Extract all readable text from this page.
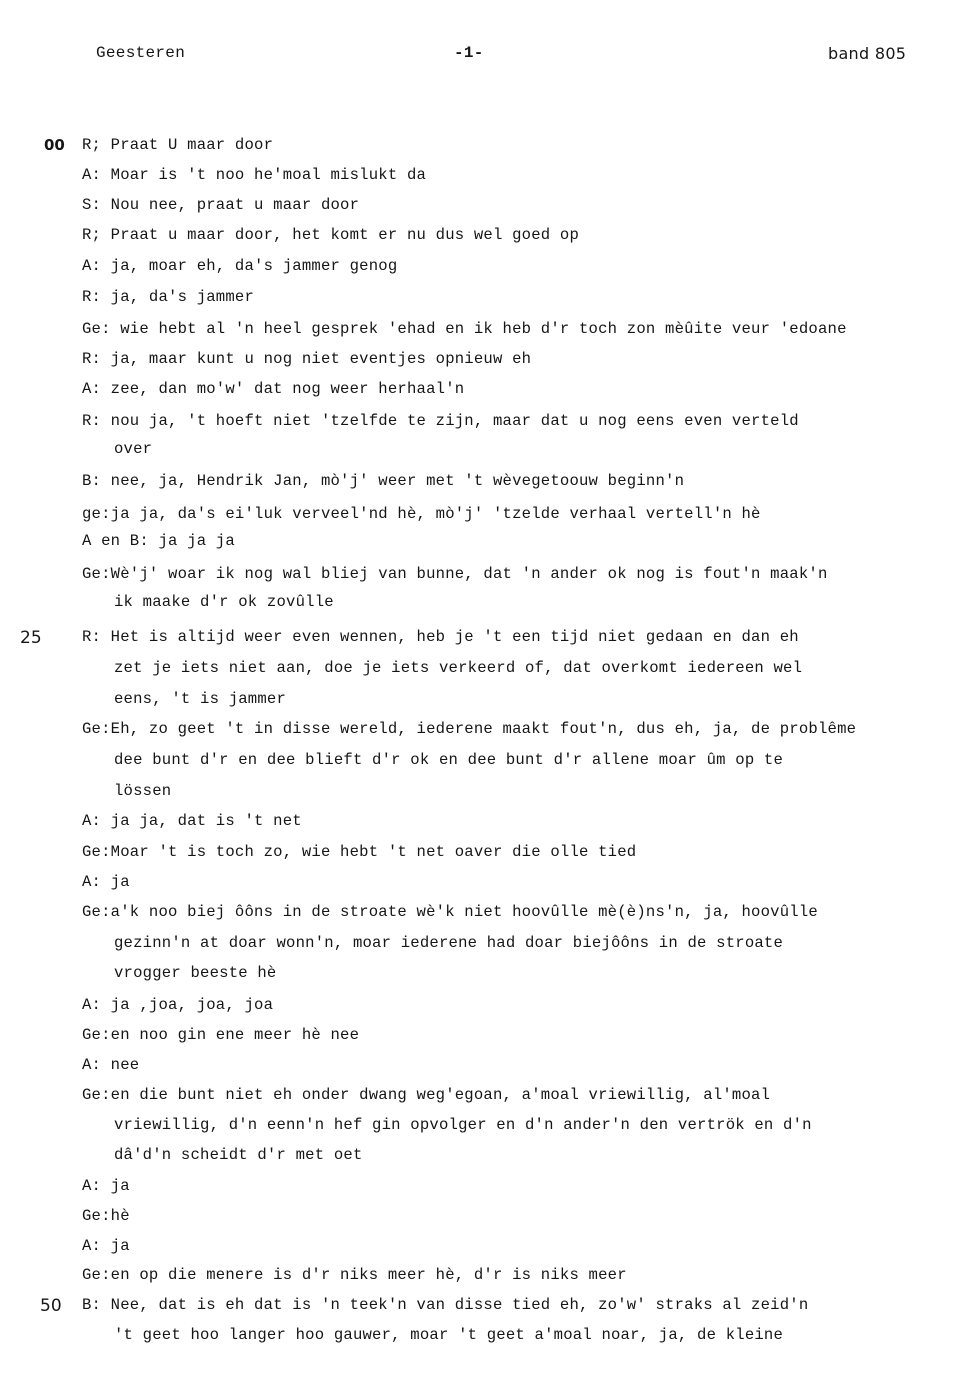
Geesteren	-1-	band 805
00
25
50
R; Praat U maar door
A: Moar is 't noo he'moal mislukt da
S: Nou nee, praat u maar door
R; Praat u maar door, het komt er nu dus wel goed op
A: ja, moar eh, da's jammer genog
R: ja, da's jammer
Ge: wie hebt al 'n heel gesprek 'ehad en ik heb d'r toch zon mèûite veur 'edoane
R: ja, maar kunt u nog niet eventjes opnieuw eh
A: zee, dan mo'w' dat nog weer herhaal'n
R: nou ja, 't hoeft niet 'tzelfde te zijn, maar dat u nog eens even verteld
over
B: nee, ja, Hendrik Jan, mò'j' weer met 't wèvegetoouw beginn'n
ge:ja ja, da's ei'luk verveel'nd hè, mò'j' 'tzelde verhaal vertell'n hè
A en B: ja ja ja
Ge:Wè'j' woar ik nog wal bliej van bunne, dat 'n ander ok nog is fout'n maak'n
ik maake d'r ok zovûlle
R: Het is altijd weer even wennen, heb je 't een tijd niet gedaan en dan eh
zet je iets niet aan, doe je iets verkeerd of, dat overkomt iedereen wel
eens, 't is jammer
Ge:Eh, zo geet 't in disse wereld, iederene maakt fout'n, dus eh, ja, de problême
dee bunt d'r en dee blieft d'r ok en dee bunt d'r allene moar ûm op te
lössen
A: ja ja, dat is 't net
Ge:Moar 't is toch zo, wie hebt 't net oaver die olle tied
A: ja
Ge:a'k noo biej ôôns in de stroate wè'k niet hoovûlle mè(è)ns'n, ja, hoovûlle
gezinn'n at doar wonn'n, moar iederene had doar biejôôns in de stroate
vrogger beeste hè
A: ja ,joa, joa, joa
Ge:en noo gin ene meer hè nee
A: nee
Ge:en die bunt niet eh onder dwang weg'egoan, a'moal vriewillig, al'moal
vriewillig, d'n eenn'n hef gin opvolger en d'n ander'n den vertrök en d'n
dâ'd'n scheidt d'r met oet
A: ja
Ge:hè
A: ja
Ge:en op die menere is d'r niks meer hè, d'r is niks meer
B: Nee, dat is eh dat is 'n teek'n van disse tied eh, zo'w' straks al zeid'n
't geet hoo langer hoo gauwer, moar 't geet a'moal noar, ja, de kleine
